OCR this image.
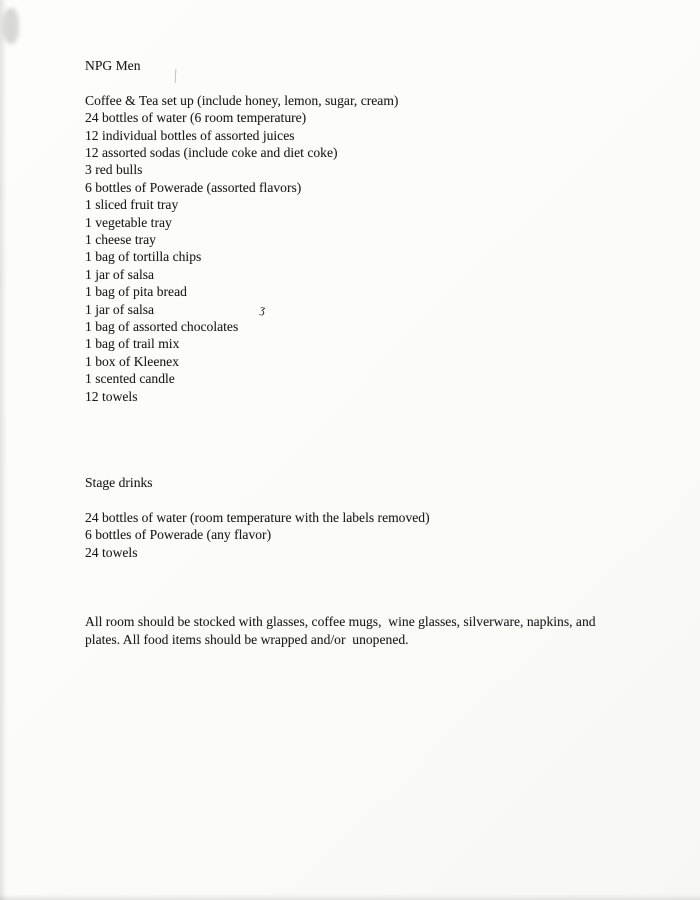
NPG Men
Coffee & Tea set up (include honey, lemon, sugar, cream)
24 bottles of water (6 room temperature)
12 individual bottles of assorted juices
12 assorted sodas (include coke and diet coke)
3 red bulls
6 bottles of Powerade (assorted flavors)
1 sliced fruit tray
1 vegetable tray
1 cheese tray
1 bag of tortilla chips
1 jar of salsa
1 bag of pita bread
1 jar of salsa
1 bag of assorted chocolates
1 bag of trail mix
1 box of Kleenex
1 scented candle
12 towels
Stage drinks
24 bottles of water (room temperature with the labels removed)
6 bottles of Powerade (any flavor)
24 towels

All room should be stocked with glasses, coffee mugs,  wine glasses, silverware, napkins, and plates. All food items should be wrapped and/or  unopened.

ʒ
